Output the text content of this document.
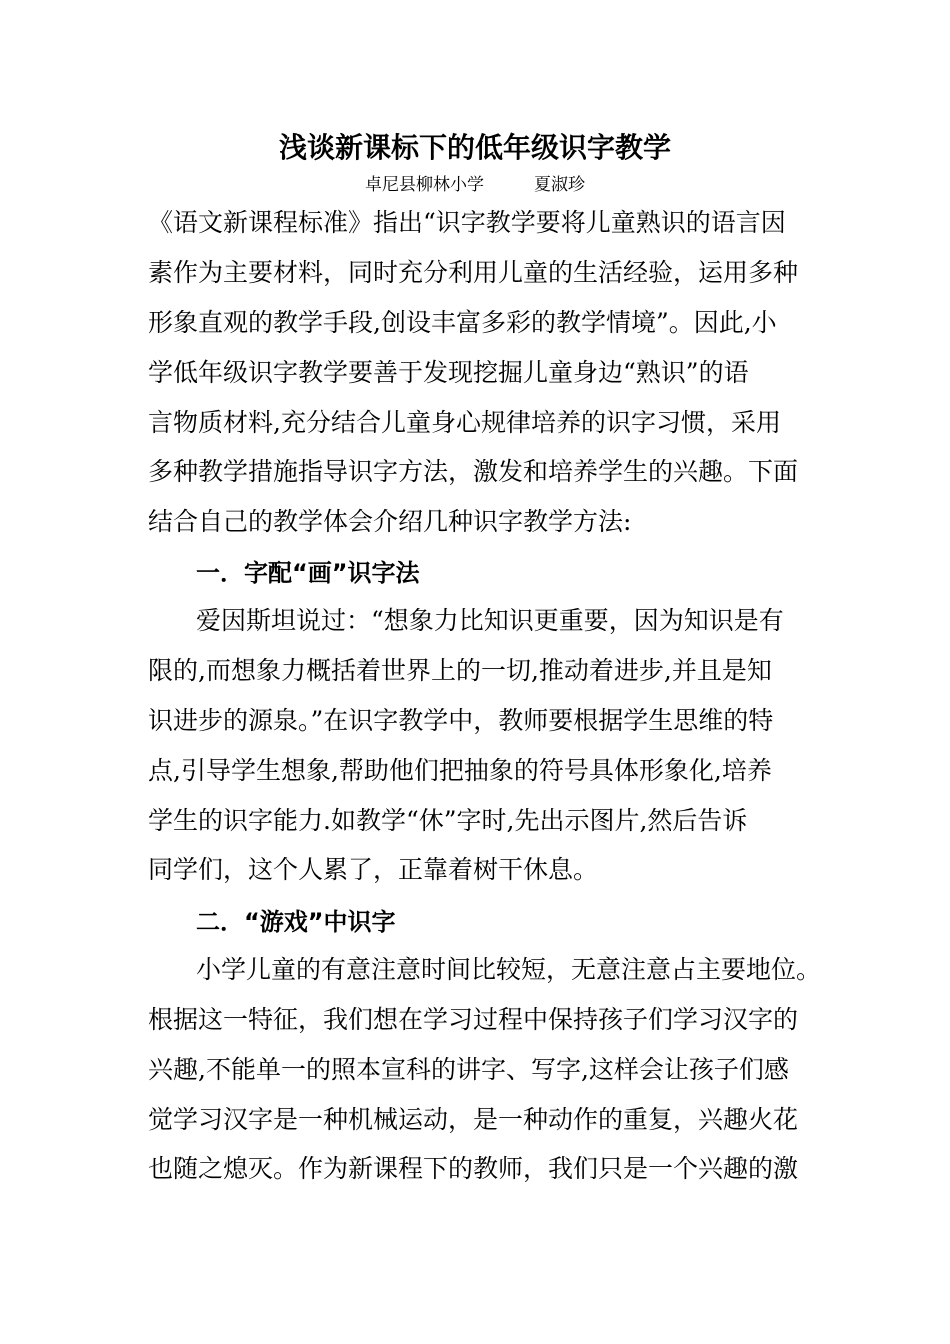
浅谈新课标下的低年级识字教学

卓尼县柳林小学	夏淑珍

《语文新课程标准》指出“识字教学要将儿童熟识的语言因

素作为主要材料，同时充分利用儿童的生活经验，运用多种

形象直观的教学手段,创设丰富多彩的教学情境”。因此,小

学低年级识字教学要善于发现挖掘儿童身边“熟识”的语

言物质材料,充分结合儿童身心规律培养的识字习惯，采用

多种教学措施指导识字方法，激发和培养学生的兴趣。下面

结合自己的教学体会介绍几种识字教学方法:

一．字配“画”识字法

爱因斯坦说过：“想象力比知识更重要，因为知识是有

限的,而想象力概括着世界上的一切,推动着进步,并且是知

识进步的源泉。”在识字教学中，教师要根据学生思维的特

点,引导学生想象,帮助他们把抽象的符号具体形象化,培养

学生的识字能力.如教学“休”字时,先出示图片,然后告诉

同学们，这个人累了，正靠着树干休息。

二．“游戏”中识字

小学儿童的有意注意时间比较短，无意注意占主要地位。

根据这一特征，我们想在学习过程中保持孩子们学习汉字的

兴趣,不能单一的照本宣科的讲字、写字,这样会让孩子们感

觉学习汉字是一种机械运动，是一种动作的重复，兴趣火花

也随之熄灭。作为新课程下的教师，我们只是一个兴趣的激
